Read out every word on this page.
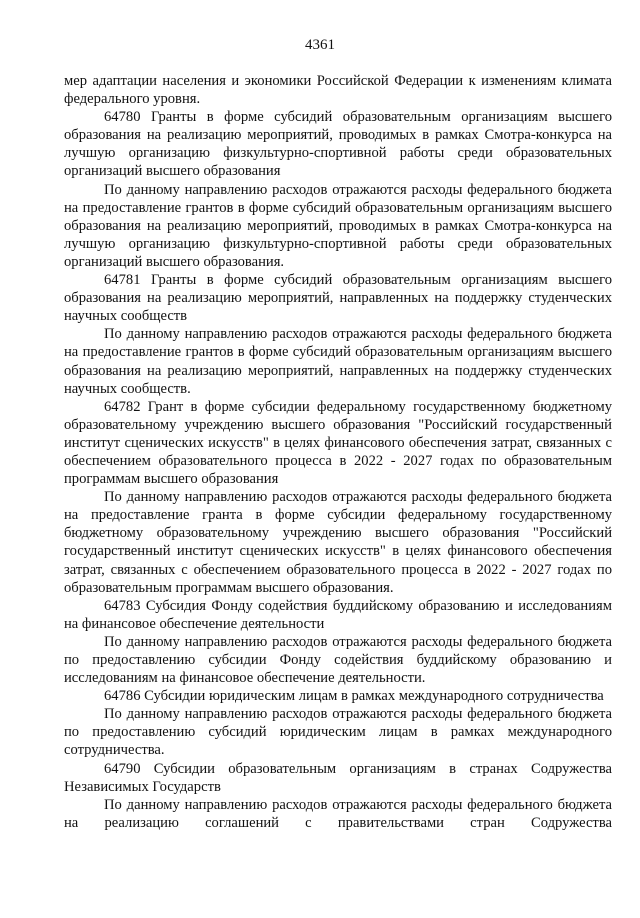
4361

мер адаптации населения и экономики Российской Федерации к изменениям климата федерального уровня.

64780 Гранты в форме субсидий образовательным организациям высшего образования на реализацию мероприятий, проводимых в рамках Смотра-конкурса на лучшую организацию физкультурно-спортивной работы среди образовательных организаций высшего образования

По данному направлению расходов отражаются расходы федерального бюджета на предоставление грантов в форме субсидий образовательным организациям высшего образования на реализацию мероприятий, проводимых в рамках Смотра-конкурса на лучшую организацию физкультурно-спортивной работы среди образовательных организаций высшего образования.

64781 Гранты в форме субсидий образовательным организациям высшего образования на реализацию мероприятий, направленных на поддержку студенческих научных сообществ

По данному направлению расходов отражаются расходы федерального бюджета на предоставление грантов в форме субсидий образовательным организациям высшего образования на реализацию мероприятий, направленных на поддержку студенческих научных сообществ.

64782 Грант в форме субсидии федеральному государственному бюджетному образовательному учреждению высшего образования "Российский государственный институт сценических искусств" в целях финансового обеспечения затрат, связанных с обеспечением образовательного процесса в 2022 - 2027 годах по образовательным программам высшего образования

По данному направлению расходов отражаются расходы федерального бюджета на предоставление гранта в форме субсидии федеральному государственному бюджетному образовательному учреждению высшего образования "Российский государственный институт сценических искусств" в целях финансового обеспечения затрат, связанных с обеспечением образовательного процесса в 2022 - 2027 годах по образовательным программам высшего образования.

64783 Субсидия Фонду содействия буддийскому образованию и исследованиям на финансовое обеспечение деятельности

По данному направлению расходов отражаются расходы федерального бюджета по предоставлению субсидии Фонду содействия буддийскому образованию и исследованиям на финансовое обеспечение деятельности.

64786 Субсидии юридическим лицам в рамках международного сотрудничества

По данному направлению расходов отражаются расходы федерального бюджета по предоставлению субсидий юридическим лицам в рамках международного сотрудничества.

64790 Субсидии образовательным организациям в странах Содружества Независимых Государств

По данному направлению расходов отражаются расходы федерального бюджета на реализацию соглашений с правительствами стран Содружества
